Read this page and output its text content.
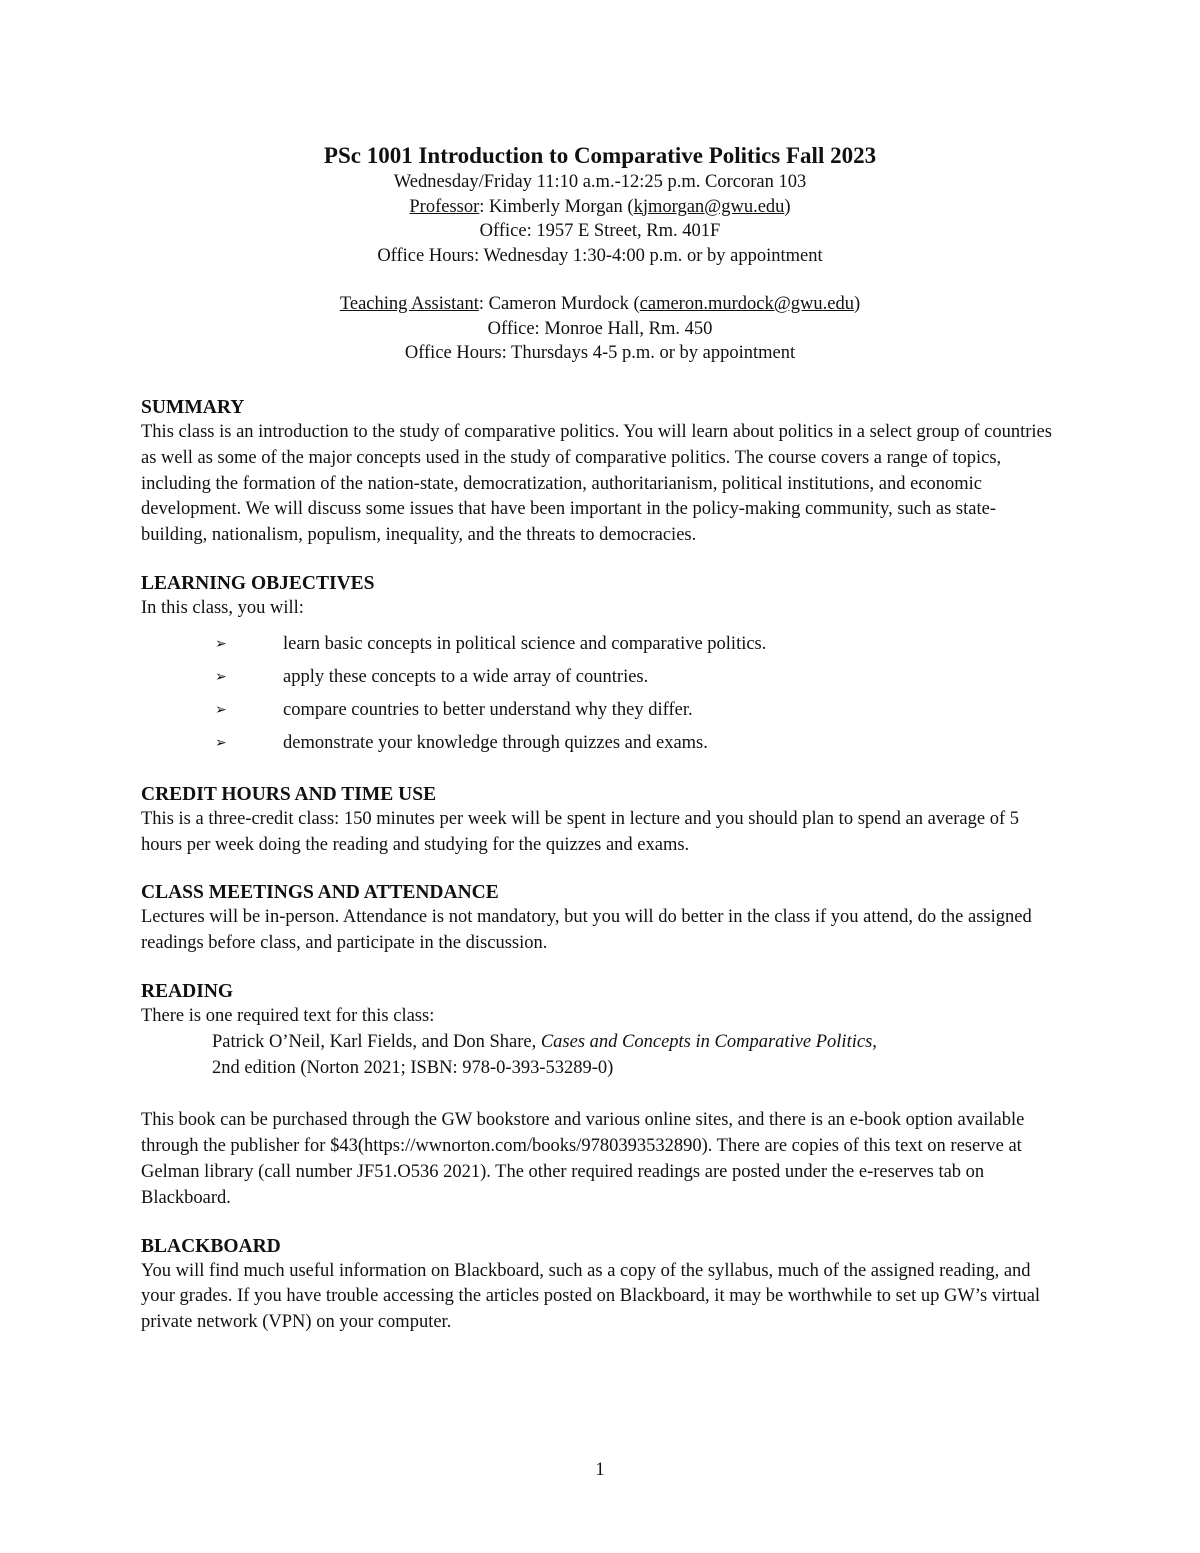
PSc 1001 Introduction to Comparative Politics Fall 2023

Wednesday/Friday 11:10 a.m.-12:25 p.m. Corcoran 103
Professor: Kimberly Morgan (kjmorgan@gwu.edu)
Office: 1957 E Street, Rm. 401F
Office Hours: Wednesday 1:30-4:00 p.m. or by appointment
Teaching Assistant: Cameron Murdock (cameron.murdock@gwu.edu)
Office: Monroe Hall, Rm. 450
Office Hours: Thursdays 4-5 p.m. or by appointment

SUMMARY

This class is an introduction to the study of comparative politics. You will learn about politics in a select group of countries as well as some of the major concepts used in the study of comparative politics. The course covers a range of topics, including the formation of the nation-state, democratization, authoritarianism, political institutions, and economic development. We will discuss some issues that have been important in the policy-making community, such as state-building, nationalism, populism, inequality, and the threats to democracies.

LEARNING OBJECTIVES

In this class, you will:

➢	learn basic concepts in political science and comparative politics.
➢	apply these concepts to a wide array of countries.
➢	compare countries to better understand why they differ.
➢	demonstrate your knowledge through quizzes and exams.

CREDIT HOURS AND TIME USE

This is a three-credit class: 150 minutes per week will be spent in lecture and you should plan to spend an average of 5 hours per week doing the reading and studying for the quizzes and exams.

CLASS MEETINGS AND ATTENDANCE

Lectures will be in-person. Attendance is not mandatory, but you will do better in the class if you attend, do the assigned readings before class, and participate in the discussion.

READING

There is one required text for this class:

Patrick O’Neil, Karl Fields, and Don Share, Cases and Concepts in Comparative Politics,
2nd edition (Norton 2021; ISBN: 978-0-393-53289-0)

This book can be purchased through the GW bookstore and various online sites, and there is an e-book option available through the publisher for $43(https://wwnorton.com/books/9780393532890). There are copies of this text on reserve at Gelman library (call number JF51.O536 2021). The other required readings are posted under the e-reserves tab on Blackboard.

BLACKBOARD

You will find much useful information on Blackboard, such as a copy of the syllabus, much of the assigned reading, and your grades. If you have trouble accessing the articles posted on Blackboard, it may be worthwhile to set up GW’s virtual private network (VPN) on your computer.

1
